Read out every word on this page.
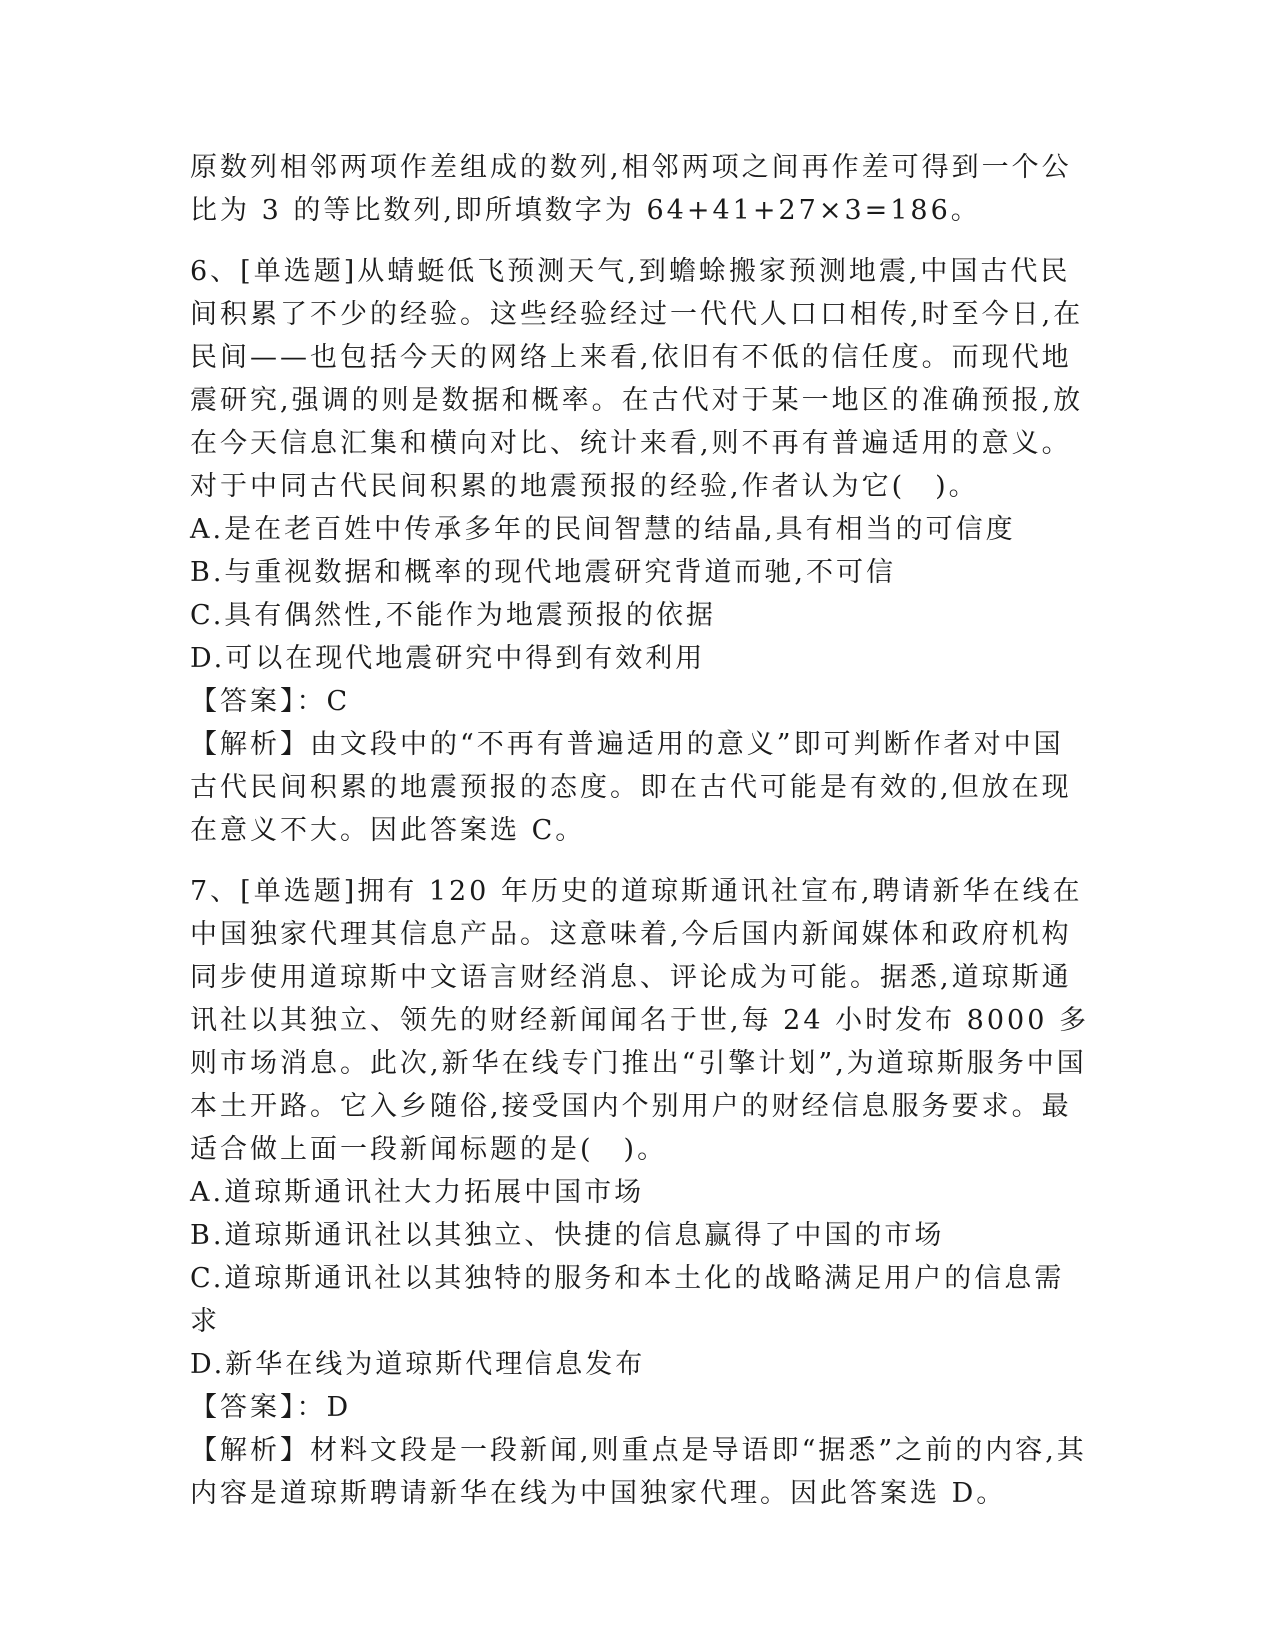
原数列相邻两项作差组成的数列,相邻两项之间再作差可得到一个公比为 3 的等比数列,即所填数字为 64+41+27×3=186。

6、[单选题]从蜻蜓低飞预测天气,到蟾蜍搬家预测地震,中国古代民间积累了不少的经验。这些经验经过一代代人口口相传,时至今日,在民间——也包括今天的网络上来看,依旧有不低的信任度。而现代地震研究,强调的则是数据和概率。在古代对于某一地区的准确预报,放在今天信息汇集和横向对比、统计来看,则不再有普遍适用的意义。对于中同古代民间积累的地震预报的经验,作者认为它(　)。

A.是在老百姓中传承多年的民间智慧的结晶,具有相当的可信度

B.与重视数据和概率的现代地震研究背道而驰,不可信

C.具有偶然性,不能作为地震预报的依据

D.可以在现代地震研究中得到有效利用

【答案】：C

【解析】由文段中的“不再有普遍适用的意义”即可判断作者对中国古代民间积累的地震预报的态度。即在古代可能是有效的,但放在现在意义不大。因此答案选 C。

7、[单选题]拥有 120 年历史的道琼斯通讯社宣布,聘请新华在线在中国独家代理其信息产品。这意味着,今后国内新闻媒体和政府机构同步使用道琼斯中文语言财经消息、评论成为可能。据悉,道琼斯通讯社以其独立、领先的财经新闻闻名于世,每 24 小时发布 8000 多则市场消息。此次,新华在线专门推出“引擎计划”,为道琼斯服务中国本土开路。它入乡随俗,接受国内个别用户的财经信息服务要求。最适合做上面一段新闻标题的是(　)。

A.道琼斯通讯社大力拓展中国市场

B.道琼斯通讯社以其独立、快捷的信息赢得了中国的市场

C.道琼斯通讯社以其独特的服务和本土化的战略满足用户的信息需求

D.新华在线为道琼斯代理信息发布

【答案】：D

【解析】材料文段是一段新闻,则重点是导语即“据悉”之前的内容,其内容是道琼斯聘请新华在线为中国独家代理。因此答案选 D。
